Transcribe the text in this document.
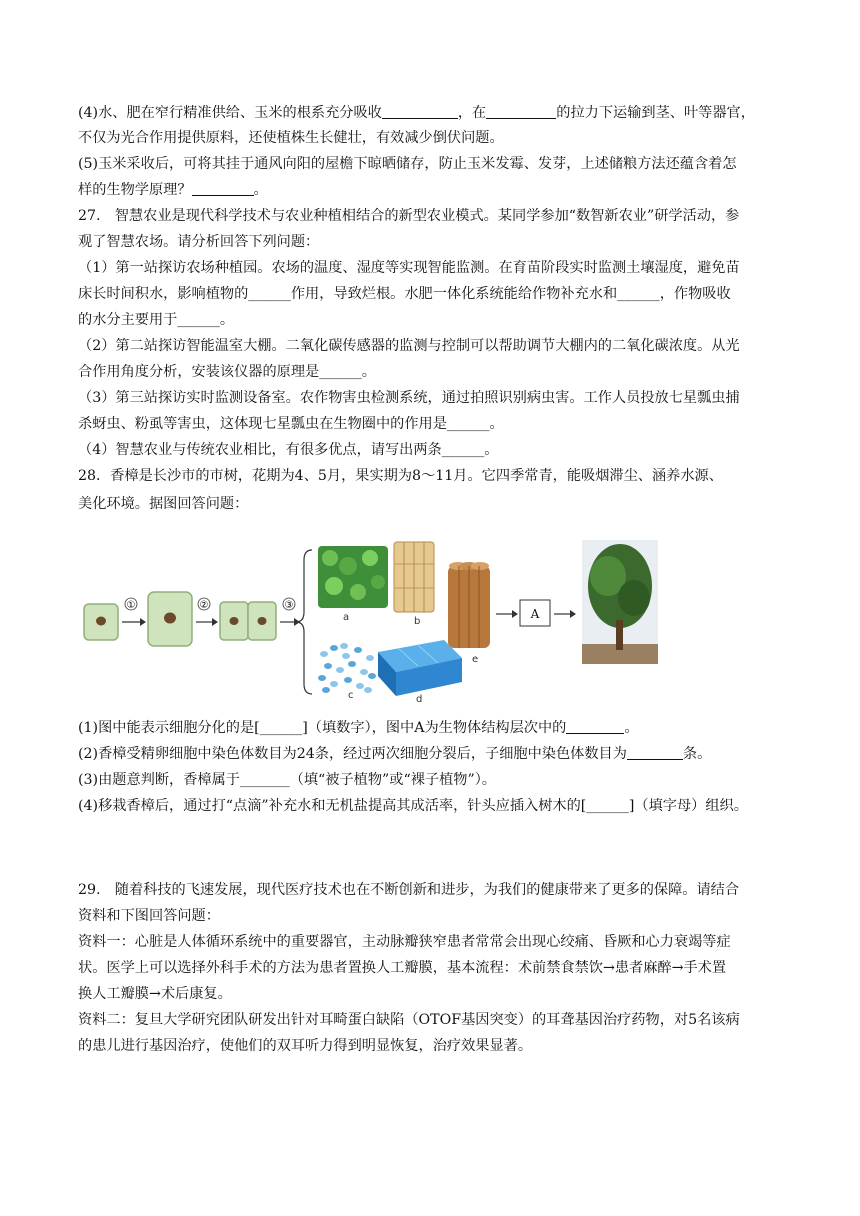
(4)水、肥在窄行精准供给、玉米的根系充分吸收	，在	的拉力下运输到茎、叶等器官，
不仅为光合作用提供原料，还使植株生长健壮，有效减少倒伏问题。
(5)玉米采收后，可将其挂于通风向阳的屋檐下晾晒储存，防止玉米发霉、发芽，上述储粮方法还蕴含着怎
样的生物学原理？	。
27.　智慧农业是现代科学技术与农业种植相结合的新型农业模式。某同学参加“数智新农业”研学活动，参
观了智慧农场。请分析回答下列问题：
（1）第一站探访农场种植园。农场的温度、湿度等实现智能监测。在育苗阶段实时监测土壤湿度，避免苗
床长时间积水，影响植物的______作用，导致烂根。水肥一体化系统能给作物补充水和______，作物吸收
的水分主要用于______。
（2）第二站探访智能温室大棚。二氧化碳传感器的监测与控制可以帮助调节大棚内的二氧化碳浓度。从光
合作用角度分析，安装该仪器的原理是______。
（3）第三站探访实时监测设备室。农作物害虫检测系统，通过拍照识别病虫害。工作人员投放七星瓢虫捕
杀蚜虫、粉虱等害虫，这体现七星瓢虫在生物圈中的作用是______。
（4）智慧农业与传统农业相比，有很多优点，请写出两条______。
28．香樟是长沙市的市树，花期为4、5月，果实期为8～11月。它四季常青，能吸烟滞尘、涵养水源、
美化环境。据图回答问题：
(1)图中能表示细胞分化的是[______]（填数字），图中A为生物体结构层次中的	。
(2)香樟受精卵细胞中染色体数目为24条，经过两次细胞分裂后，子细胞中染色体数目为	条。
(3)由题意判断，香樟属于_______（填“被子植物”或“裸子植物”）。
(4)移栽香樟后，通过打“点滴”补充水和无机盐提高其成活率，针头应插入树木的[______]（填字母）组织。
29.　随着科技的飞速发展，现代医疗技术也在不断创新和进步，为我们的健康带来了更多的保障。请结合
资料和下图回答问题：
资料一：心脏是人体循环系统中的重要器官，主动脉瓣狭窄患者常常会出现心绞痛、昏厥和心力衰竭等症
状。医学上可以选择外科手术的方法为患者置换人工瓣膜，基本流程：术前禁食禁饮→患者麻醉→手术置
换人工瓣膜→术后康复。
资料二：复旦大学研究团队研发出针对耳畸蛋白缺陷（OTOF基因突变）的耳聋基因治疗药物，对5名该病
的患儿进行基因治疗，使他们的双耳听力得到明显恢复，治疗效果显著。
①	②	③
a	b
c	d
e
A
